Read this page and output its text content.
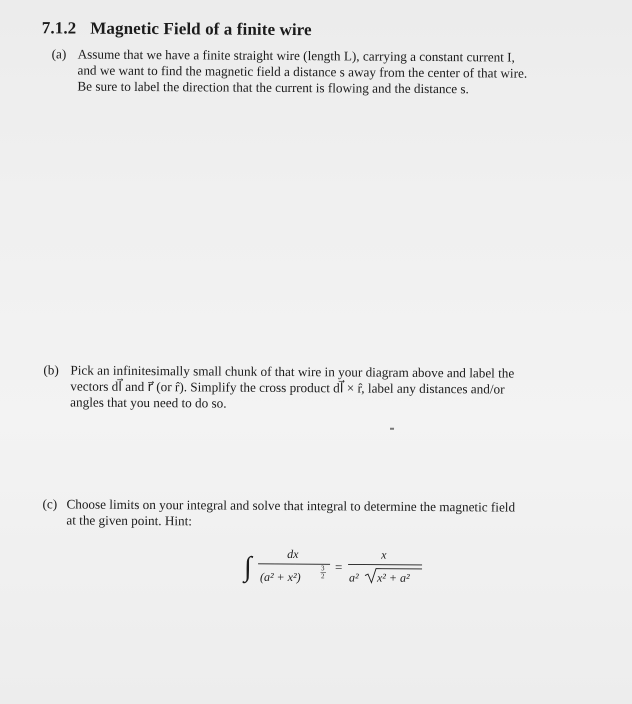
7.1.2 Magnetic Field of a finite wire
(a) Assume that we have a finite straight wire (length L), carrying a constant current I,
and we want to find the magnetic field a distance s away from the center of that wire.
Be sure to label the direction that the current is flowing and the distance s.
(b) Pick an infinitesimally small chunk of that wire in your diagram above and label the
vectors dl⃗ and r⃗ (or r̂). Simplify the cross product dl⃗ × r̂, label any distances and/or
angles that you need to do so.
(c) Choose limits on your integral and solve that integral to determine the magnetic field
at the given point. Hint:
∫	dx
(a² + x²)
3
2
=
x
a² x² + a²
